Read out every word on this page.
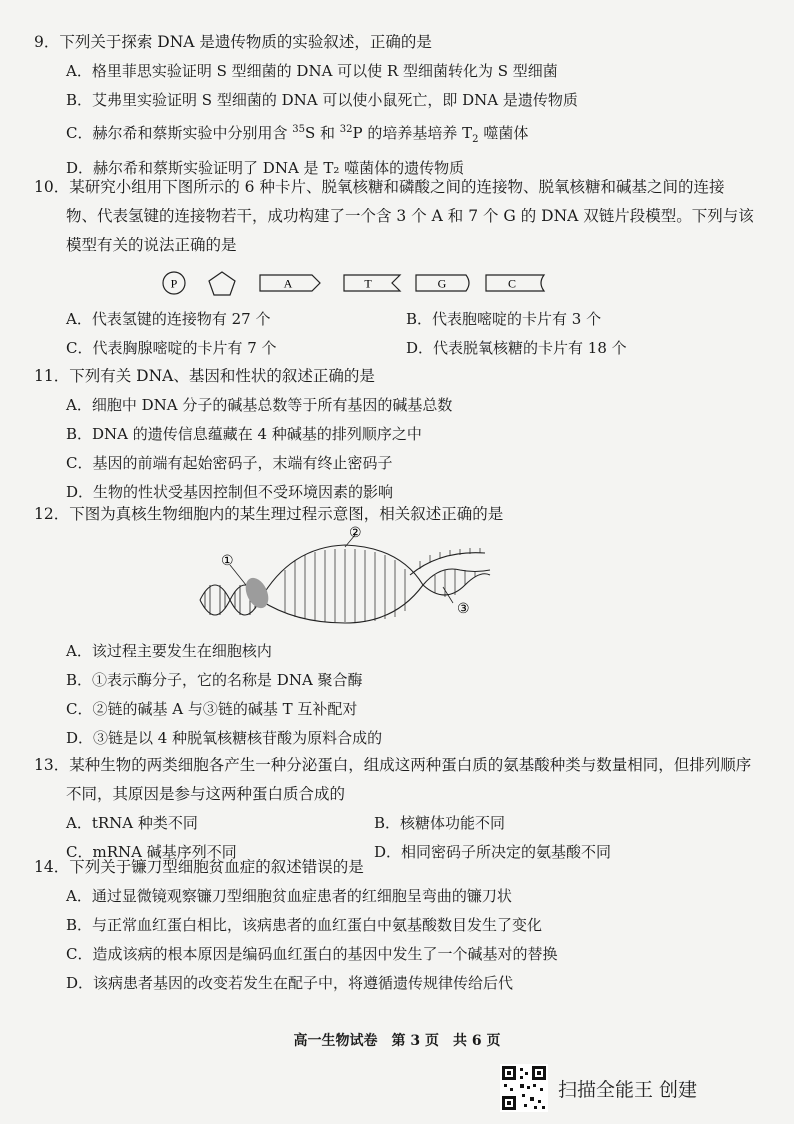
9．下列关于探索 DNA 是遗传物质的实验叙述，正确的是

A．格里菲思实验证明 S 型细菌的 DNA 可以使 R 型细菌转化为 S 型细菌

B．艾弗里实验证明 S 型细菌的 DNA 可以使小鼠死亡，即 DNA 是遗传物质

C．赫尔希和蔡斯实验中分别用含 $^{35}$S 和 $^{32}$P 的培养基培养 $T_2$ 噬菌体

D．赫尔希和蔡斯实验证明了 DNA 是 T₂ 噬菌体的遗传物质

10．某研究小组用下图所示的 6 种卡片、脱氧核糖和磷酸之间的连接物、脱氧核糖和碱基之间的连接物、代表氢键的连接物若干，成功构建了一个含 3 个 A 和 7 个 G 的 DNA 双链片段模型。下列与该模型有关的说法正确的是

P	A	T	G	C

A．代表氢键的连接物有 27 个	B．代表胞嘧啶的卡片有 3 个

C．代表胸腺嘧啶的卡片有 7 个	D．代表脱氧核糖的卡片有 18 个

11．下列有关 DNA、基因和性状的叙述正确的是

A．细胞中 DNA 分子的碱基总数等于所有基因的碱基总数

B．DNA 的遗传信息蕴藏在 4 种碱基的排列顺序之中

C．基因的前端有起始密码子，末端有终止密码子

D．生物的性状受基因控制但不受环境因素的影响

12．下图为真核生物细胞内的某生理过程示意图，相关叙述正确的是

①
②
③

A．该过程主要发生在细胞核内

B．①表示酶分子，它的名称是 DNA 聚合酶

C．②链的碱基 A 与③链的碱基 T 互补配对

D．③链是以 4 种脱氧核糖核苷酸为原料合成的

13．某种生物的两类细胞各产生一种分泌蛋白，组成这两种蛋白质的氨基酸种类与数量相同，但排列顺序不同，其原因是参与这两种蛋白质合成的

A．tRNA 种类不同	B．核糖体功能不同

C．mRNA 碱基序列不同	D．相同密码子所决定的氨基酸不同

14．下列关于镰刀型细胞贫血症的叙述错误的是

A．通过显微镜观察镰刀型细胞贫血症患者的红细胞呈弯曲的镰刀状

B．与正常血红蛋白相比，该病患者的血红蛋白中氨基酸数目发生了变化

C．造成该病的根本原因是编码血红蛋白的基因中发生了一个碱基对的替换

D．该病患者基因的改变若发生在配子中，将遵循遗传规律传给后代

高一生物试卷　第 3 页　共 6 页
扫描全能王 创建
